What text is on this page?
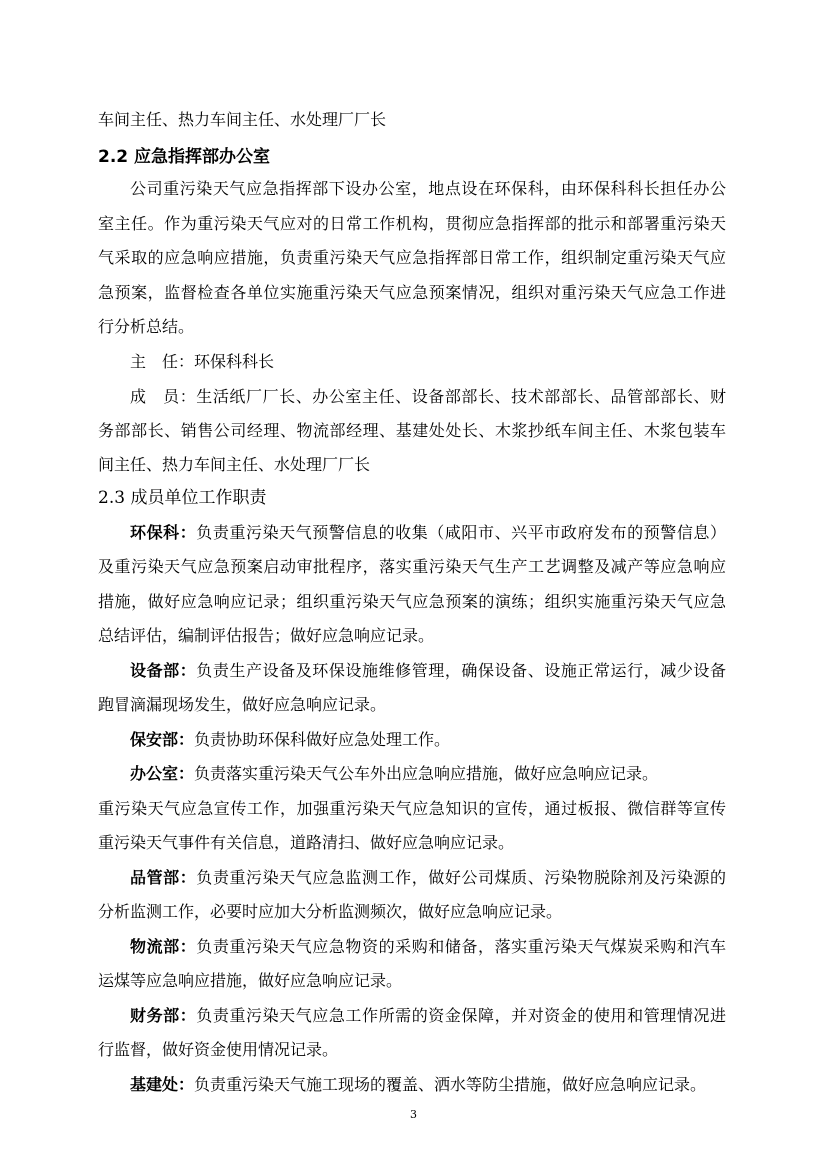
车间主任、热力车间主任、水处理厂厂长
2.2 应急指挥部办公室
公司重污染天气应急指挥部下设办公室，地点设在环保科，由环保科科长担任办公
室主任。作为重污染天气应对的日常工作机构，贯彻应急指挥部的批示和部署重污染天
气采取的应急响应措施，负责重污染天气应急指挥部日常工作，组织制定重污染天气应
急预案，监督检查各单位实施重污染天气应急预案情况，组织对重污染天气应急工作进
行分析总结。
主　任：环保科科长
成　员：生活纸厂厂长、办公室主任、设备部部长、技术部部长、品管部部长、财
务部部长、销售公司经理、物流部经理、基建处处长、木浆抄纸车间主任、木浆包装车
间主任、热力车间主任、水处理厂厂长
2.3 成员单位工作职责
环保科：负责重污染天气预警信息的收集（咸阳市、兴平市政府发布的预警信息）
及重污染天气应急预案启动审批程序，落实重污染天气生产工艺调整及减产等应急响应
措施，做好应急响应记录；组织重污染天气应急预案的演练；组织实施重污染天气应急
总结评估，编制评估报告；做好应急响应记录。
设备部：负责生产设备及环保设施维修管理，确保设备、设施正常运行，减少设备
跑冒滴漏现场发生，做好应急响应记录。
保安部：负责协助环保科做好应急处理工作。
办公室：负责落实重污染天气公车外出应急响应措施，做好应急响应记录。
重污染天气应急宣传工作，加强重污染天气应急知识的宣传，通过板报、微信群等宣传
重污染天气事件有关信息，道路清扫、做好应急响应记录。
品管部：负责重污染天气应急监测工作，做好公司煤质、污染物脱除剂及污染源的
分析监测工作，必要时应加大分析监测频次，做好应急响应记录。
物流部：负责重污染天气应急物资的采购和储备，落实重污染天气煤炭采购和汽车
运煤等应急响应措施，做好应急响应记录。
财务部：负责重污染天气应急工作所需的资金保障，并对资金的使用和管理情况进
行监督，做好资金使用情况记录。
基建处：负责重污染天气施工现场的覆盖、洒水等防尘措施，做好应急响应记录。
3
